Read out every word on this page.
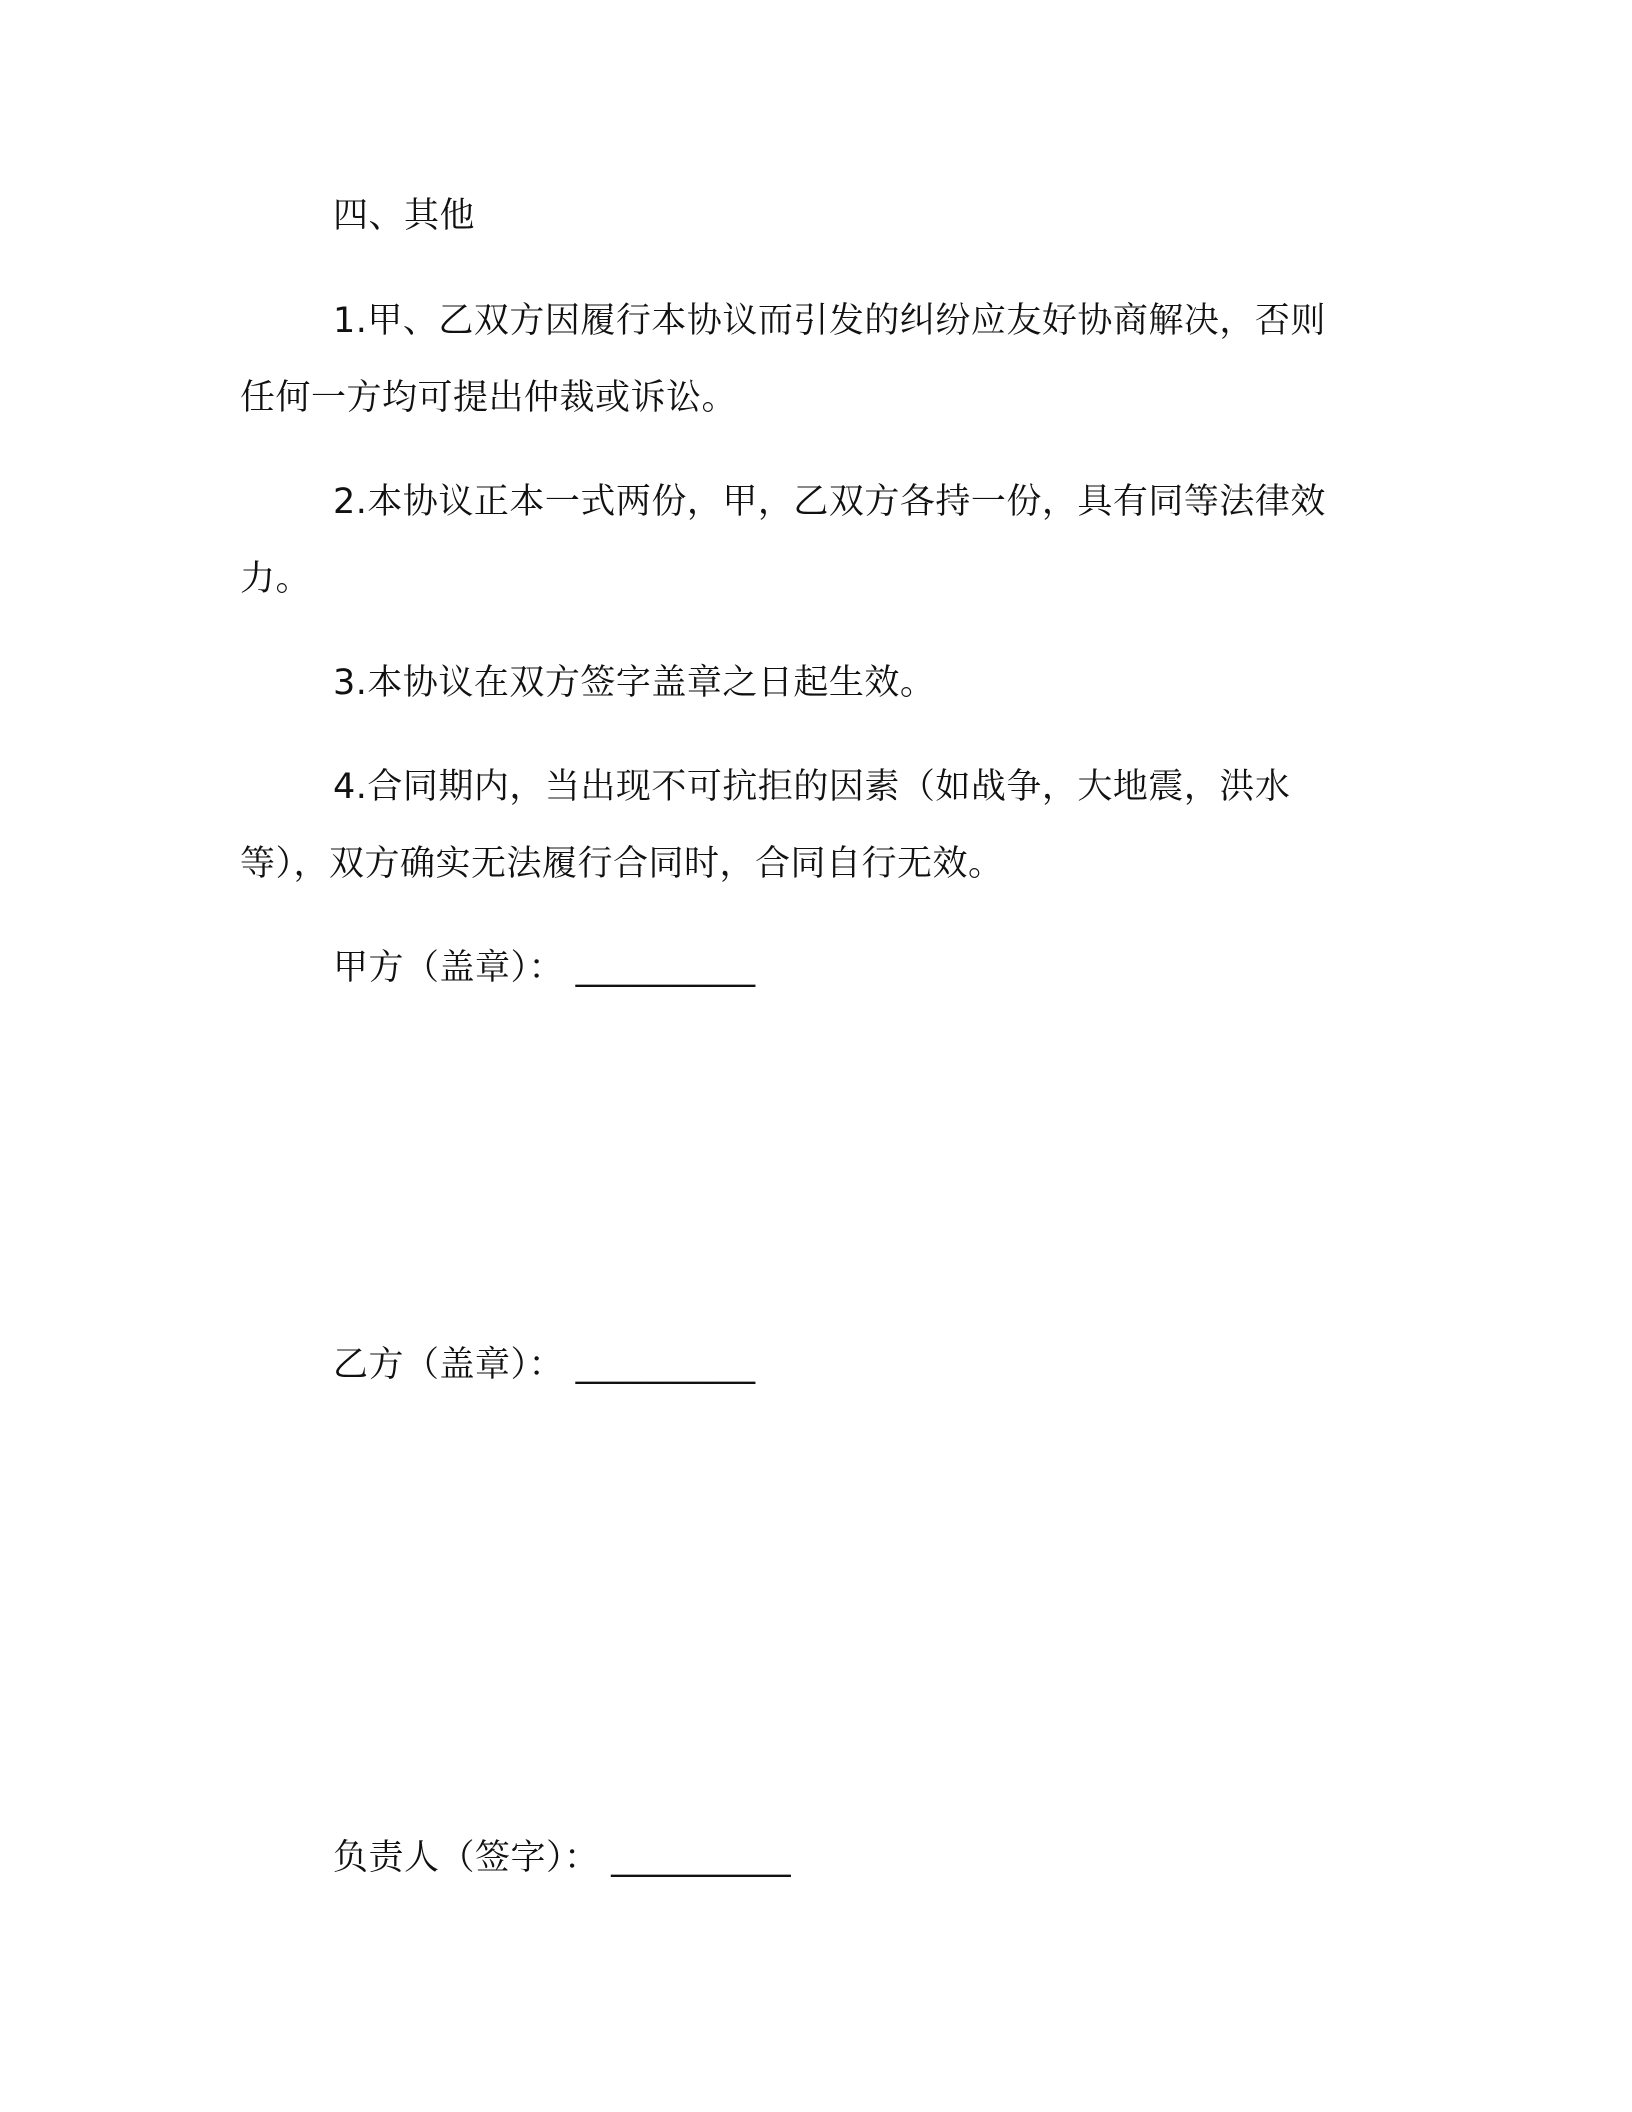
四、其他
1.甲、乙双方因履行本协议而引发的纠纷应友好协商解决，否则
任何一方均可提出仲裁或诉讼。
2.本协议正本一式两份，甲，乙双方各持一份，具有同等法律效
力。
3.本协议在双方签字盖章之日起生效。
4.合同期内，当出现不可抗拒的因素（如战争，大地震，洪水
等），双方确实无法履行合同时，合同自行无效。
甲方（盖章）： __________
乙方（盖章）： __________
负责人（签字）： __________
